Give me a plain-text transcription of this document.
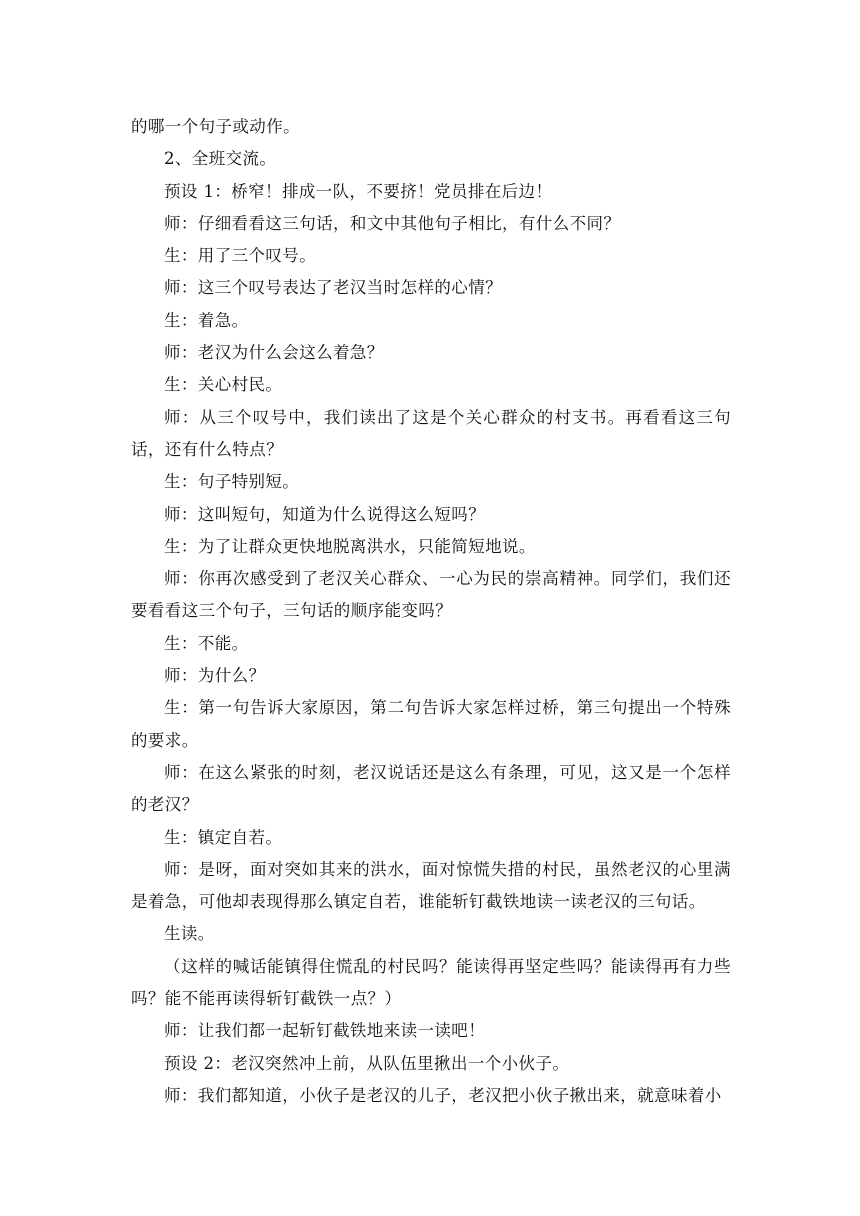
的哪一个句子或动作。

2、全班交流。

预设 1：桥窄！排成一队，不要挤！党员排在后边！

师：仔细看看这三句话，和文中其他句子相比，有什么不同？

生：用了三个叹号。

师：这三个叹号表达了老汉当时怎样的心情？

生：着急。

师：老汉为什么会这么着急？

生：关心村民。

师：从三个叹号中，我们读出了这是个关心群众的村支书。再看看这三句话，还有什么特点？

生：句子特别短。

师：这叫短句，知道为什么说得这么短吗？

生：为了让群众更快地脱离洪水，只能简短地说。

师：你再次感受到了老汉关心群众、一心为民的崇高精神。同学们，我们还要看看这三个句子，三句话的顺序能变吗？

生：不能。

师：为什么？

生：第一句告诉大家原因，第二句告诉大家怎样过桥，第三句提出一个特殊的要求。

师：在这么紧张的时刻，老汉说话还是这么有条理，可见，这又是一个怎样的老汉？

生：镇定自若。

师：是呀，面对突如其来的洪水，面对惊慌失措的村民，虽然老汉的心里满是着急，可他却表现得那么镇定自若，谁能斩钉截铁地读一读老汉的三句话。

生读。

（这样的喊话能镇得住慌乱的村民吗？能读得再坚定些吗？能读得再有力些吗？能不能再读得斩钉截铁一点？）

师：让我们都一起斩钉截铁地来读一读吧！

预设 2：老汉突然冲上前，从队伍里揪出一个小伙子。

师：我们都知道，小伙子是老汉的儿子，老汉把小伙子揪出来，就意味着小
